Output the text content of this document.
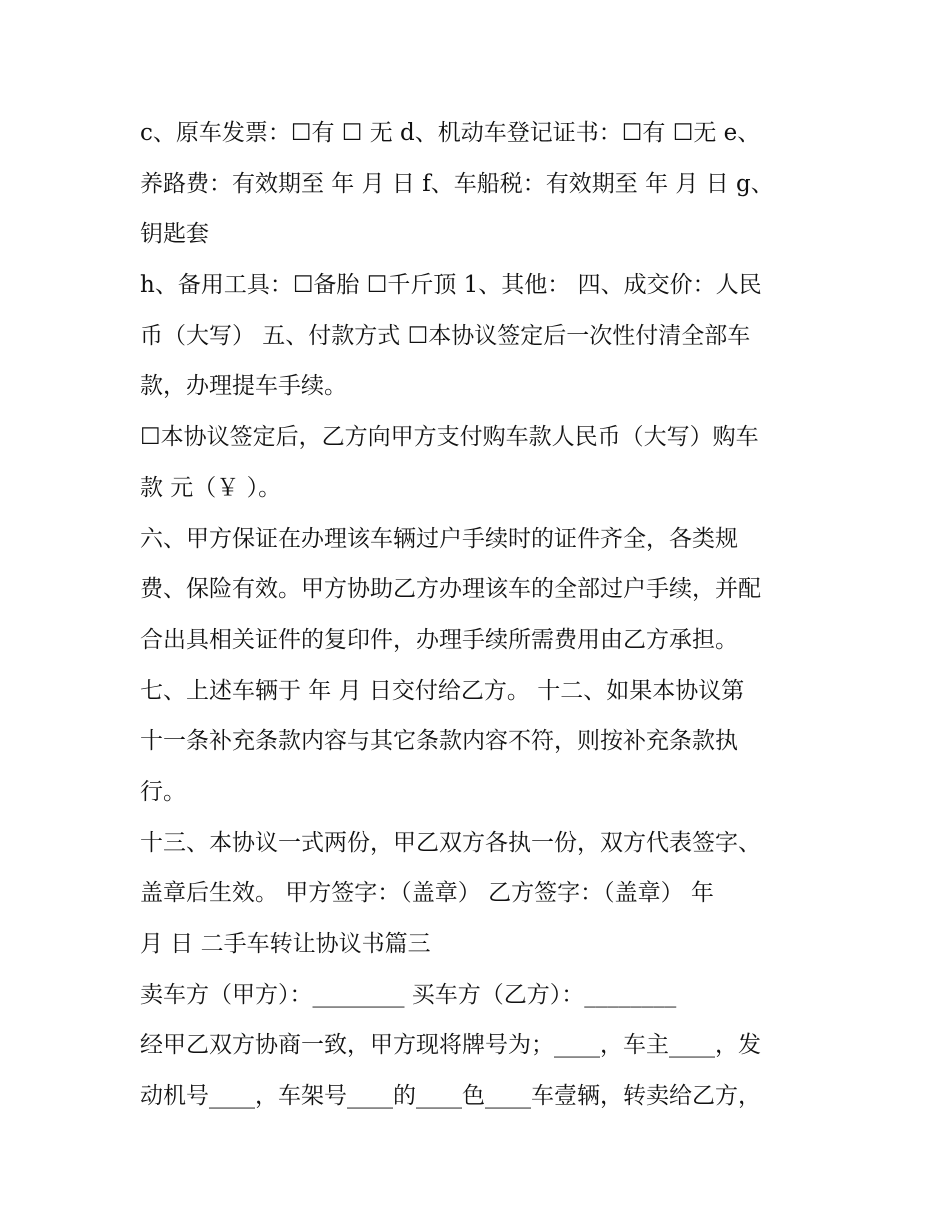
c、原车发票：☐有 ☐ 无 d、机动车登记证书：☐有 ☐无 e、
养路费：有效期至 年 月 日 f、车船税：有效期至 年 月 日 g、
钥匙套
h、备用工具：☐备胎 ☐千斤顶 1、其他： 四、成交价：人民
币（大写） 五、付款方式 ☐本协议签定后一次性付清全部车
款，办理提车手续。
☐本协议签定后，乙方向甲方支付购车款人民币（大写）购车
款 元（￥ ）。
六、甲方保证在办理该车辆过户手续时的证件齐全，各类规
费、保险有效。甲方协助乙方办理该车的全部过户手续，并配
合出具相关证件的复印件，办理手续所需费用由乙方承担。
七、上述车辆于 年 月 日交付给乙方。 十二、如果本协议第
十一条补充条款内容与其它条款内容不符，则按补充条款执
行。
十三、本协议一式两份，甲乙双方各执一份，双方代表签字、
盖章后生效。 甲方签字：（盖章） 乙方签字：（盖章） 年
月 日 二手车转让协议书篇三
卖车方（甲方）：________ 买车方（乙方）：________
经甲乙双方协商一致，甲方现将牌号为；____，车主____，发
动机号____，车架号____的____色____车壹辆，转卖给乙方，
